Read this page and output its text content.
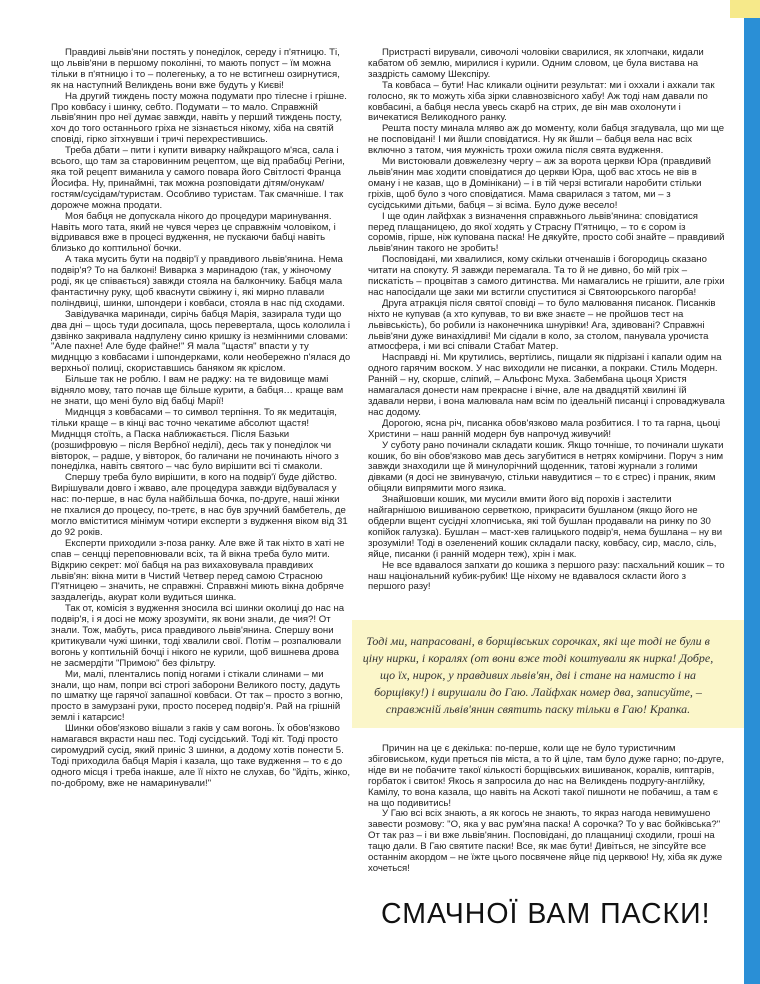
Правдиві львів'яни постять у понеділок, середу і п'ятницю. Ті, що львів'яни в першому поколінні, то мають попуст – їм можна тільки в п'ятницю і то – полегеньку, а то не встигнеш озирнутися, як на наступний Великдень вони вже будуть у Києві!

На другий тиждень посту можна подумати про тілесне і грішне. Про ковбасу і шинку, себто. Подумати – то мало. Справжній львів'янин про неї думає завжди, навіть у перший тиждень посту, хоч до того останнього гріха не зізнається нікому, хіба на святій сповіді, гірко зітхнувши і тричі перехрестившись.

Треба дбати – пити і купити виварку найкращого м'яса, сала і всього, що там за старовинним рецептом, ще від прабабці Регіни, яка той рецепт виманила у самого повара його Світлості Франца Йосифа. Ну, принаймні, так можна розповідати дітям/онукам/гостям/сусідам/туристам. Особливо туристам. Так смачніше. І так дорожче можна продати.

Моя бабця не допускала нікого до процедури маринування. Навіть мого тата, який не чувся через це справжнім чоловіком, і відривався вже в процесі вудження, не пускаючи бабці навіть близько до коптильної бочки.

А така мусить бути на подвір'ї у правдивого львів'янина. Нема подвір'я? То на балконі! Виварка з маринадою (так, у жіночому роді, як це співається) завжди стояла на балкончику. Бабця мала фантастичну руку, щоб кваснути свіжину і, які мирно плавали поліндвиці, шинки, шпондери і ковбаси, стояла в нас під сходами.

Завідувачка маринади, сирічь бабця Марія, зазирала туди що два дні – щось туди досипала, щось перевертала, щось кололила і дзвінко закривала надпулену синю кришку із незмінними словами: "Але пахне! Але буде файне!" Я мала "щастя" впасти у ту миднццю з ковбасами і шпондерками, коли необережно п'ялася до верхньої полиці, скориставшись баняком як кріслом.

Більше так не роблю. І вам не раджу: на те видовище мамі відняло мову, тато почав ще більше курити, а бабця… краще вам не знати, що мені було від бабці Марії!

Миднцця з ковбасами – то символ терпіння. То як медитація, тільки краще – в кінці вас точно чекатиме абсолют щастя! Миднцця стоїть, а Паска наближається. Після Базьки (розшифровую – після Вербної неділі), десь так у понеділок чи вівторок, – радше, у вівторок, бо галичани не починають нічого з понеділка, навіть святого – час було вирішити всі ті смаколи.

Спершу треба було вирішити, в кого на подвір'ї буде дійство. Вирішували довго і жваво, але процедура завжди відбувалася у нас: по-перше, в нас була найбільша бочка, по-друге, наші жінки не пхалися до процесу, по-третє, в нас був зручний бамбетель, де могло вміститися мінімум чотири експерти з вудження віком від 31 до 92 років.

Експерти приходили з-поза ранку. Але вже й так ніхто в хаті не спав – сенцці переповнювали всіх, та й вікна треба було мити. Відкрию секрет: мої бабця на раз вихаховувала правдивих львів'ян: вікна мити в Чистий Четвер перед самою Страсною П'ятницею – значить, не справжні. Справжні миють вікна добряче заздалегідь, акурат коли вудиться шинка.

Так от, комісія з вудження зносила всі шинки околиці до нас на подвір'я, і я досі не можу зрозуміти, як вони знали, де чия?! От знали. Тож, мабуть, риса правдивого львів'янина. Спершу вони критикували чужі шинки, тоді хвалили свої. Потім – розпалювали вогонь у коптильній бочці і нікого не курили, щоб вишнева дрова не засмердіти "Примою" без фільтру.

Ми, малі, плентались попід ногами і стікали слинами – ми знали, що нам, попри всі строгі заборони Великого посту, дадуть по шматку ще гарячої запашної ковбаси. От так – просто з вогню, просто в замурзані руки, просто посеред подвір'я. Рай на грішній землі і катарсис!

Шинки обов'язково вішали з гаків у сам вогонь. Їх обов'язково намагався вкрасти наш пес. Тоді сусідський. Тоді кіт. Тоді просто сиромудрий сусід, який приніс 3 шинки, а додому хотів понести 5. Тоді приходила бабця Марія і казала, що таке вудження – то є до одного місця і треба інакше, але її ніхто не слухав, бо "йдіть, жінко, по-доброму, вже не намаринували!"

Пристрасті вирували, сивочолі чоловіки сварилися, як хлопчаки, кидали кабатом об землю, мирилися і курили. Одним словом, це була вистава на заздрість самому Шекспіру.

Та ковбаса – бути! Нас кликали оцінити результат: ми і оххали і ахкали так голосно, як то можуть хіба зірки славнозвісного хабу! Аж тоді нам давали по ковбасині, а бабця несла увесь скарб на стрих, де він мав охолонути і вичекатися Великодного ранку.

Решта посту минала мляво аж до моменту, коли бабця згадувала, що ми ще не посповідані! І ми йшли сповідатися. Ну як йшли – бабця вела нас всіх включно з татом, чия мужність трохи ожила після свята вудження.

Ми вистоювали довжелезну чергу – аж за ворота церкви Юра (правдивий львів'янин має ходити сповідатися до церкви Юра, щоб вас хтось не вів в оману і не казав, що в Домінікани) – і в тій черзі встигали наробити стільки гріхів, щоб було з чого сповідатися. Мама сварилася з татом, ми – з сусідськими дітьми, бабця – зі всіма. Було дуже весело!

І ще один лайфхак з визначення справжнього львів'янина: сповідатися перед плащаницею, до якої ходять у Страсну П'ятницю, – то є сором із соромів, гірше, ніж купована паска! Не дякуйте, просто собі знайте – правдивий львів'янин такого не зробить!

Посповідані, ми хвалилися, кому скільки отченашів і богородиць сказано читати на спокуту. Я завжди перемагала. Та то й не дивно, бо мій гріх – пискатість – процвітав з самого дитинства. Ми намагались не грішити, але гріхи нас напосідали ще заки ми встигли спуститися зі Святоюрського пагорба!

Друга атракція після святої сповіді – то було малювання писанок. Писанків ніхто не купував (а хто купував, то ви вже знаєте – не пройшов тест на львівськість), бо робили із наконечника шнурівки! Ага, здивовані? Справжні львів'яни дуже винахідливі! Ми сідали в коло, за столом, панувала урочиста атмосфера, і ми всі співали Стабат Матер.

Насправді ні. Ми крутились, вертілись, пищали як підрізані і капали одим на одного гарячим воском. У нас виходили не писанки, а покраки. Стиль Модерн. Ранній – ну, скорше, сліпий, – Альфонс Муха. Забембана цьоця Христя намагалася донести нам прекрасне і вічне, але на двадцятій хвилині їй здавали нерви, і вона малювала нам всім по ідеальній писанці і спроваджувала нас додому.

Дорогою, ясна річ, писанка обов'язково мала розбитися. І то та гарна, цьоці Христини – наш ранній модерн був напрочуд живучий!

У суботу рано починали складати кошик. Якщо точніше, то починали шукати кошик, бо він обов'язково мав десь загубитися в нетрях комірчини. Поруч з ним завжди знаходили ще й минулорічний щоденник, татові журнали з голими дівками (я досі не звинувачую, стільки навудитися – то є стрес) і праник, яким обіцяли випрямити мого язика.

Знайшовши кошик, ми мусили вмити його від порохів і застелити найгарнішою вишиваною серветкою, прикрасити бушланом (якщо його не обдерли вщент сусідні хлопчиська, які той бушлан продавали на ринку по 30 копійок галузка). Бушлан – маст-хев галицького подвір'я, нема бушлана – ну ви зрозуміли! Тоді в озеленений кошик складали паску, ковбасу, сир, масло, сіль, яйце, писанки (і ранній модерн теж), хрін і мак.

Не все вдавалося запхати до кошика з першого разу: пасхальний кошик – то наш національний кубик-рубик! Ще ніхому не вдавалося скласти його з першого разу!

Тоді ми, напрасовані, в борщівських сорочках, які ще тоді не були в ціну нирки, і коралях (от вони вже тоді коштували як нирка! Добре, що їх, нирок, у правдивих львів'ян, дві і стане на намисто і на борщівку!) і вирушали до Гаю. Лайфхак номер два, записуйте, – справжній львів'янин святить паску тільки в Гаю! Крапка.

Причин на це є декілька: по-перше, коли ще не було туристичним збіговиськом, куди преться пів міста, а то й ціле, там було дуже гарно; по-друге, ніде ви не побачите такої кількості борщівських вишиванок, коралів, киптарів, горбаток і свиток! Якось я запросила до нас на Великдень подругу-англійку, Камілу, то вона казала, що навіть на Аскоті такої пишноти не побачиш, а там є на що подивитись!

У Гаю всі всіх знають, а як когось не знають, то якраз нагода невимушено завести розмову: "О, яка у вас рум'яна паска! А сорочка? То у вас бойківська?" От так раз – і ви вже львів'янин. Посповідані, до плащаниці сходили, гроші на тацю дали. В Гаю святите паски! Все, як має бути! Дивіться, не зіпсуйте все останнім акордом – не їжте цього посвячене яйце під церквою! Ну, хіба як дуже хочеться!

СМАЧНОЇ ВАМ ПАСКИ!
